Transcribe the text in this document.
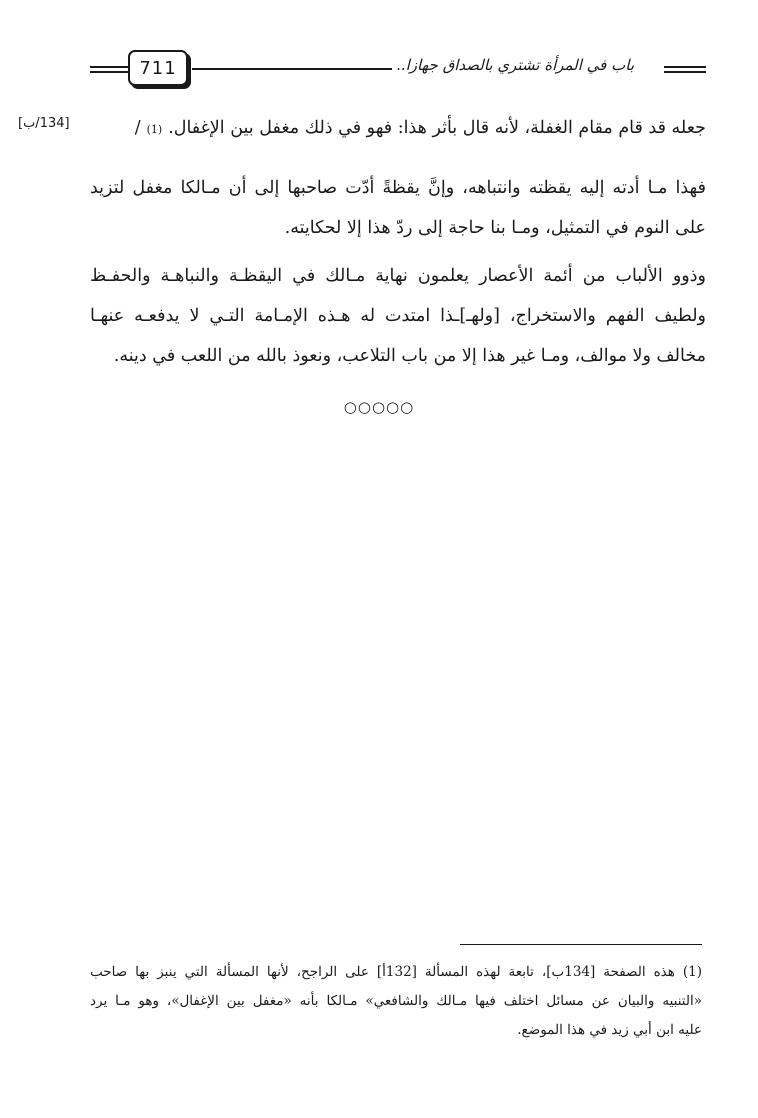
711	باب في المرأة تشتري بالصداق جهازا..
[134/ب]	جعله قد قام مقام الغفلة، لأنه قال بأثر هذا: فهو في ذلك مغفل بين الإغفال.
(1)
/
فهذا مـا أدته إليه يقظته وانتباهه، وإنَّ يقظةً أدّت صاحبها إلى أن مـالكا مغفل لتزيد
على النوم في التمثيل، ومـا بنا حاجة إلى ردّ هذا إلا لحكايته.
وذوو الألباب من أئمة الأعصار يعلمون نهاية مـالك في اليقظـة والنباهـة والحفـظ
ولطيف الفهم والاستخراج، [ولهـ]ـذا امتدت له هـذه الإمـامة التـي لا يدفعـه عنهـا
مخالف ولا موالف، ومـا غير هذا إلا من باب التلاعب، ونعوذ بالله من اللعب في دينه.
○○○○○
(1) هذه الصفحة [134ب]، تابعة لهذه المسألة [132أ] على الراجح، لأنها المسألة التي ينبز بها صاحب
«التنبيه والبيان عن مسائل اختلف فيها مـالك والشافعي» مـالكا بأنه «مغفل بين الإغفال»، وهو مـا يرد
عليه ابن أبي زيد في هذا الموضع.
